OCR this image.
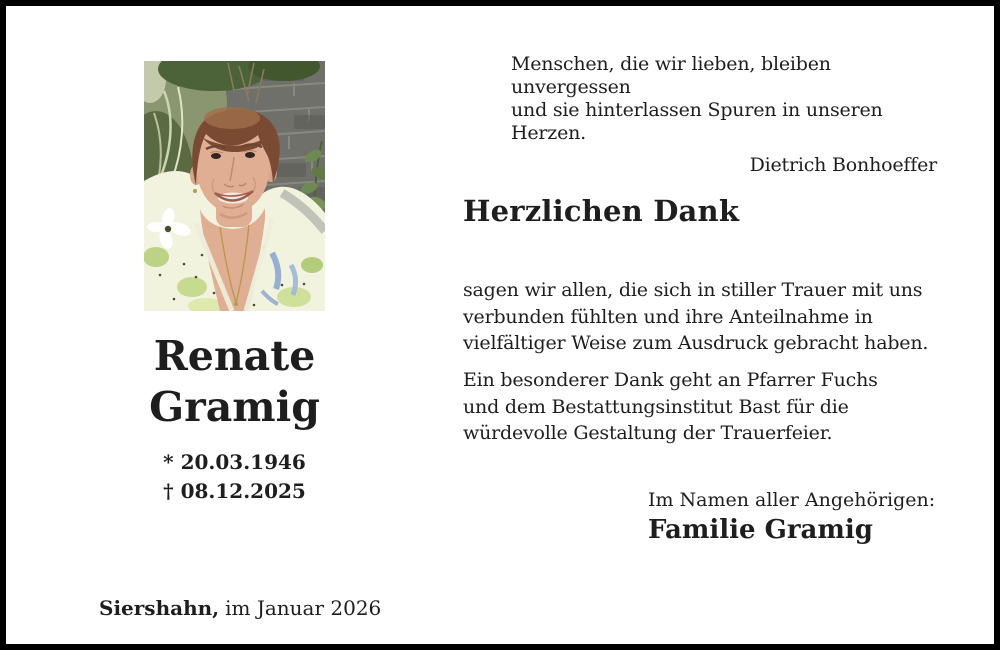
Menschen, die wir lieben, bleiben unvergessen
und sie hinterlassen Spuren in unseren Herzen.
Dietrich Bonhoeffer
Renate
Gramig
* 20.03.1946
† 08.12.2025
Herzlichen Dank
sagen wir allen, die sich in stiller Trauer mit uns
verbunden fühlten und ihre Anteilnahme in
vielfältiger Weise zum Ausdruck gebracht haben.
Ein besonderer Dank geht an Pfarrer Fuchs
und dem Bestattungsinstitut Bast für die
würdevolle Gestaltung der Trauerfeier.
Im Namen aller Angehörigen:
Familie Gramig
Siershahn, im Januar 2026
